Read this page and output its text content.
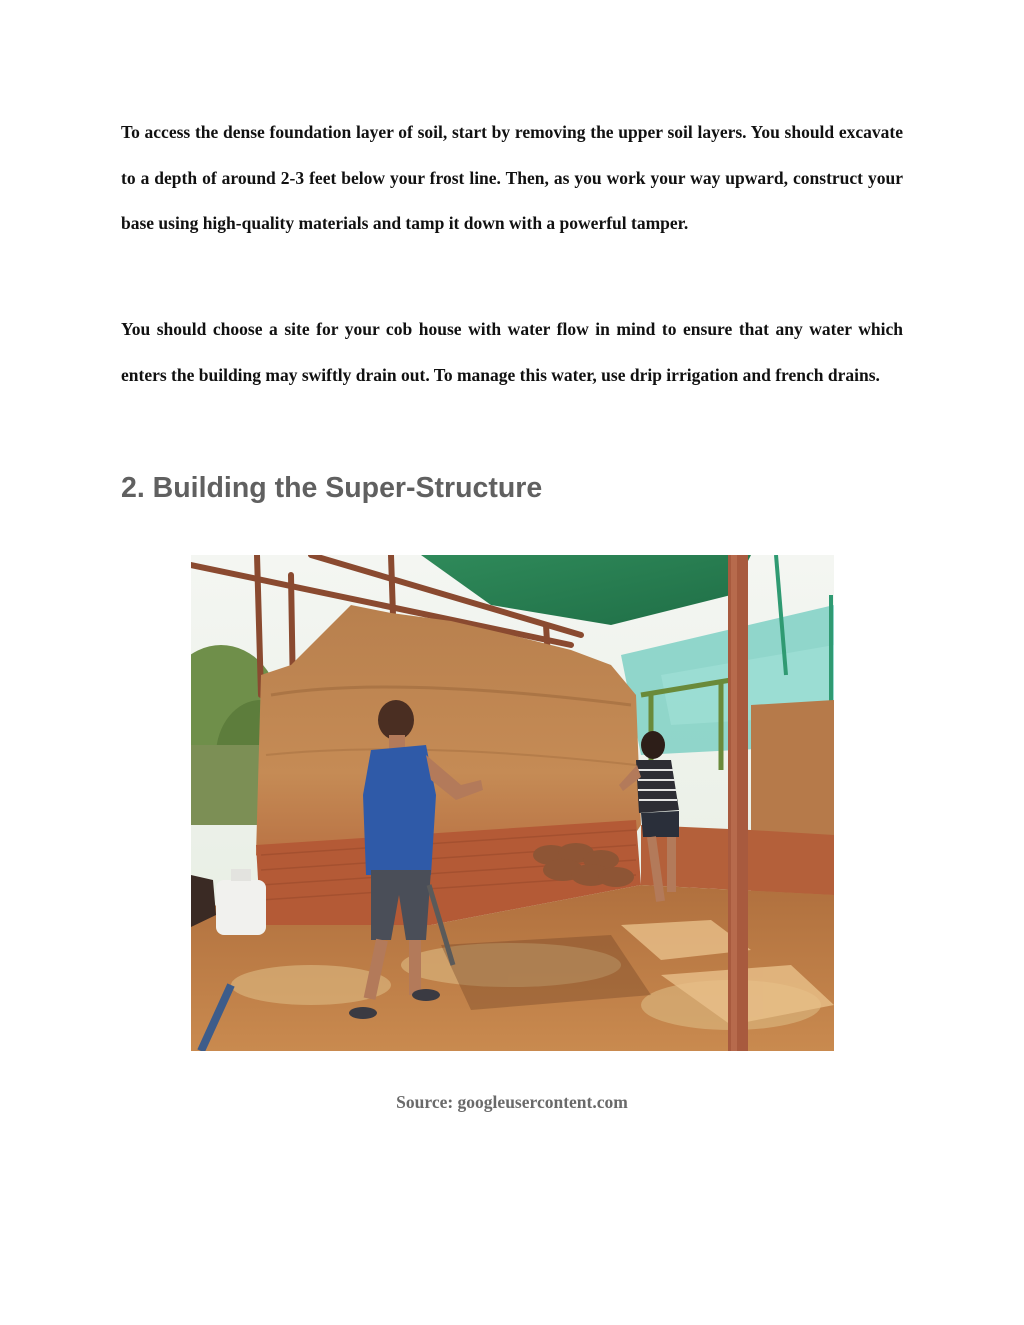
To access the dense foundation layer of soil, start by removing the upper soil layers. You should excavate to a depth of around 2-3 feet below your frost line. Then, as you work your way upward, construct your base using high-quality materials and tamp it down with a powerful tamper.

You should choose a site for your cob house with water flow in mind to ensure that any water which enters the building may swiftly drain out. To manage this water, use drip irrigation and french drains.

2. Building the Super-Structure

Source: googleusercontent.com
